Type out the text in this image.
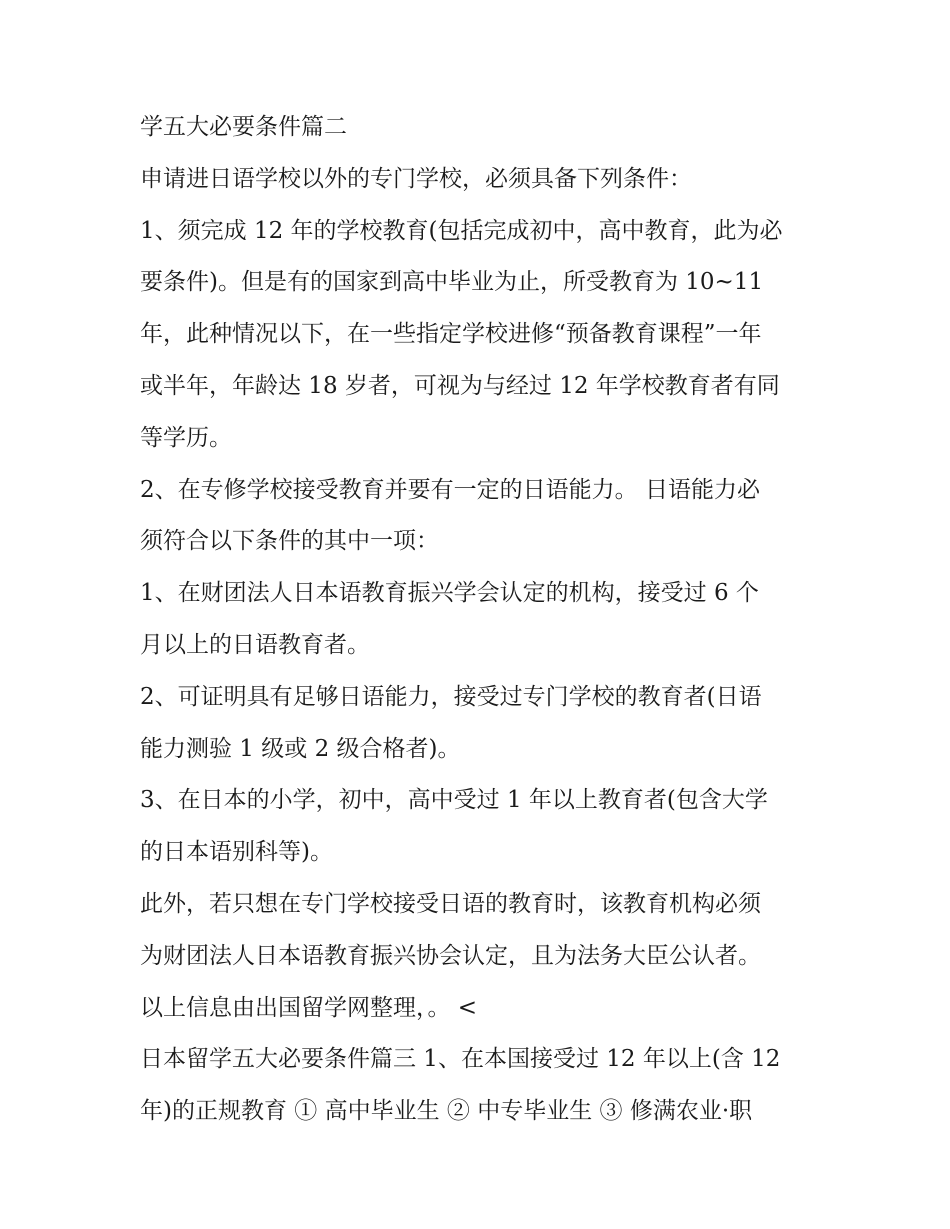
学五大必要条件篇二
申请进日语学校以外的专门学校，必须具备下列条件：
1、须完成 12 年的学校教育(包括完成初中，高中教育，此为必
要条件)。但是有的国家到高中毕业为止，所受教育为 10~11
年，此种情况以下，在一些指定学校进修“预备教育课程”一年
或半年，年龄达 18 岁者，可视为与经过 12 年学校教育者有同
等学历。
2、在专修学校接受教育并要有一定的日语能力。 日语能力必
须符合以下条件的其中一项：
1、在财团法人日本语教育振兴学会认定的机构，接受过 6 个
月以上的日语教育者。
2、可证明具有足够日语能力，接受过专门学校的教育者(日语
能力测验 1 级或 2 级合格者)。
3、在日本的小学，初中，高中受过 1 年以上教育者(包含大学
的日本语别科等)。
此外，若只想在专门学校接受日语的教育时，该教育机构必须
为财团法人日本语教育振兴协会认定，且为法务大臣公认者。
以上信息由出国留学网整理，。 <
日本留学五大必要条件篇三 1、在本国接受过 12 年以上(含 12
年)的正规教育 ① 高中毕业生 ② 中专毕业生 ③ 修满农业·职
